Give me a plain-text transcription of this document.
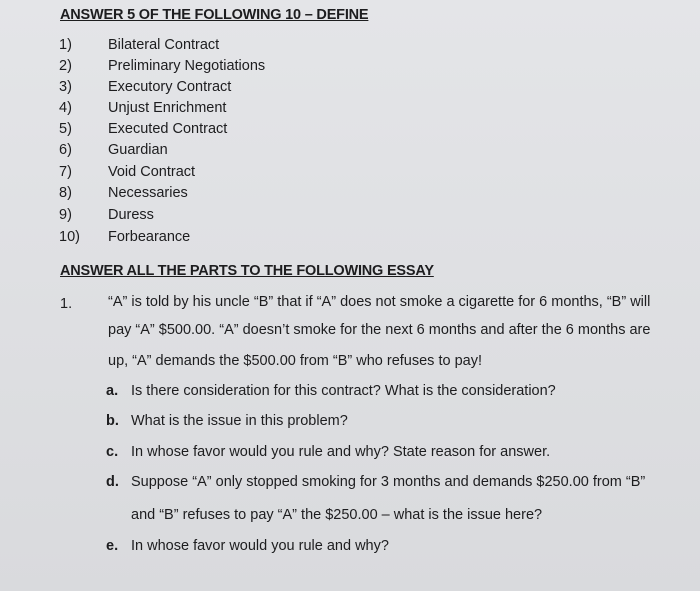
ANSWER 5 OF THE FOLLOWING 10 – DEFINE
1)	Bilateral Contract
2)	Preliminary Negotiations
3)	Executory Contract
4)	Unjust Enrichment
5)	Executed Contract
6)	Guardian
7)	Void Contract
8)	Necessaries
9)	Duress
10)	Forbearance
ANSWER ALL THE PARTS TO THE FOLLOWING ESSAY
1. “A” is told by his uncle “B” that if “A” does not smoke a cigarette for 6 months, “B” will
pay “A” $500.00. “A” doesn’t smoke for the next 6 months and after the 6 months are
up, “A” demands the $500.00 from “B” who refuses to pay!
a. Is there consideration for this contract? What is the consideration?
b. What is the issue in this problem?
c. In whose favor would you rule and why? State reason for answer.
d. Suppose “A” only stopped smoking for 3 months and demands $250.00 from “B”
and “B” refuses to pay “A” the $250.00 – what is the issue here?
e. In whose favor would you rule and why?
